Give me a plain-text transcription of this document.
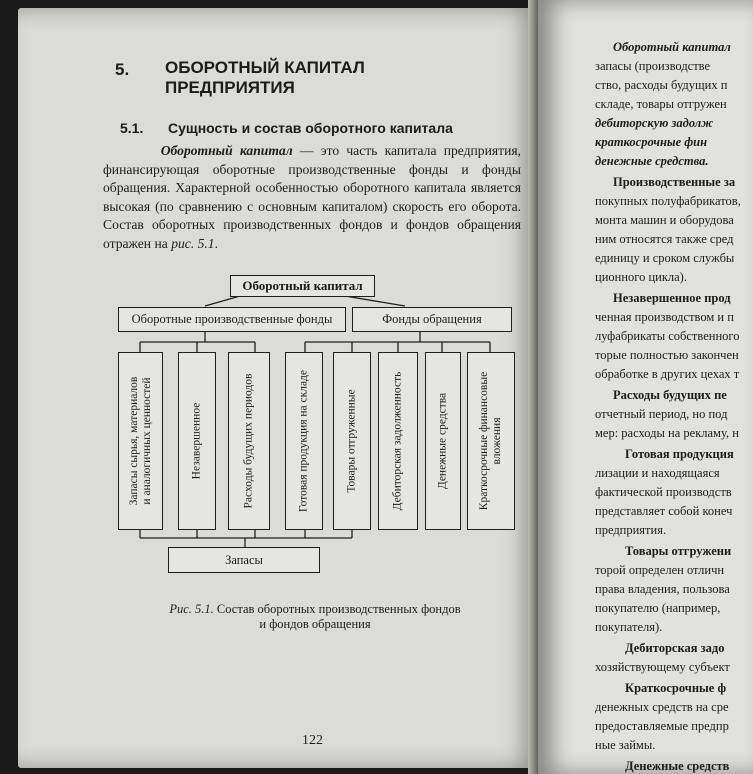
5. ОБОРОТНЫЙ КАПИТАЛ
ПРЕДПРИЯТИЯ
5.1. Сущность и состав оборотного капитала
Оборотный капитал — это часть капитала предприятия, финансирующая оборотные производственные фонды и фонды обращения. Характерной особенностью оборотного капитала является высокая (по сравнению с основным капиталом) скорость его оборота. Состав оборотных производственных фондов и фондов обращения отражен на рис. 5.1.
Оборотный капитал
Оборотные производственные фонды	Фонды обращения
Запасы сырья, материалов
и аналогичных ценностей	Незавершенное	Расходы будущих периодов	Готовая продукция на складе	Товары отгруженные	Дебиторская задолженность	Денежные средства	Краткосрочные финансовые
вложения
Запасы
Рис. 5.1. Состав оборотных производственных фондов
и фондов обращения
122
Оборотный капитал
запасы (производстве
ство, расходы будущих п
складе, товары отгружен
дебиторскую задолж
краткосрочные фин
денежные средства.
Производственные за
покупных полуфабрикатов,
монта машин и оборудова
ним относятся также сред
единицу и сроком службы
ционного цикла).
Незавершенное прод
ченная производством и п
луфабрикаты собственного
торые полностью закончен
обработке в других цехах т
Расходы будущих пе
отчетный период, но под
мер: расходы на рекламу, н
Готовая продукция
лизации и находящаяся
фактической производств
представляет собой конеч
предприятия.
Товары отгружени
торой определен отличн
права владения, пользова
покупателю (например,
покупателя).
Дебиторская задо
хозяйствующему субъект
Краткосрочные ф
денежных средств на сре
предоставляемые предпр
ные займы.
Денежные средств
